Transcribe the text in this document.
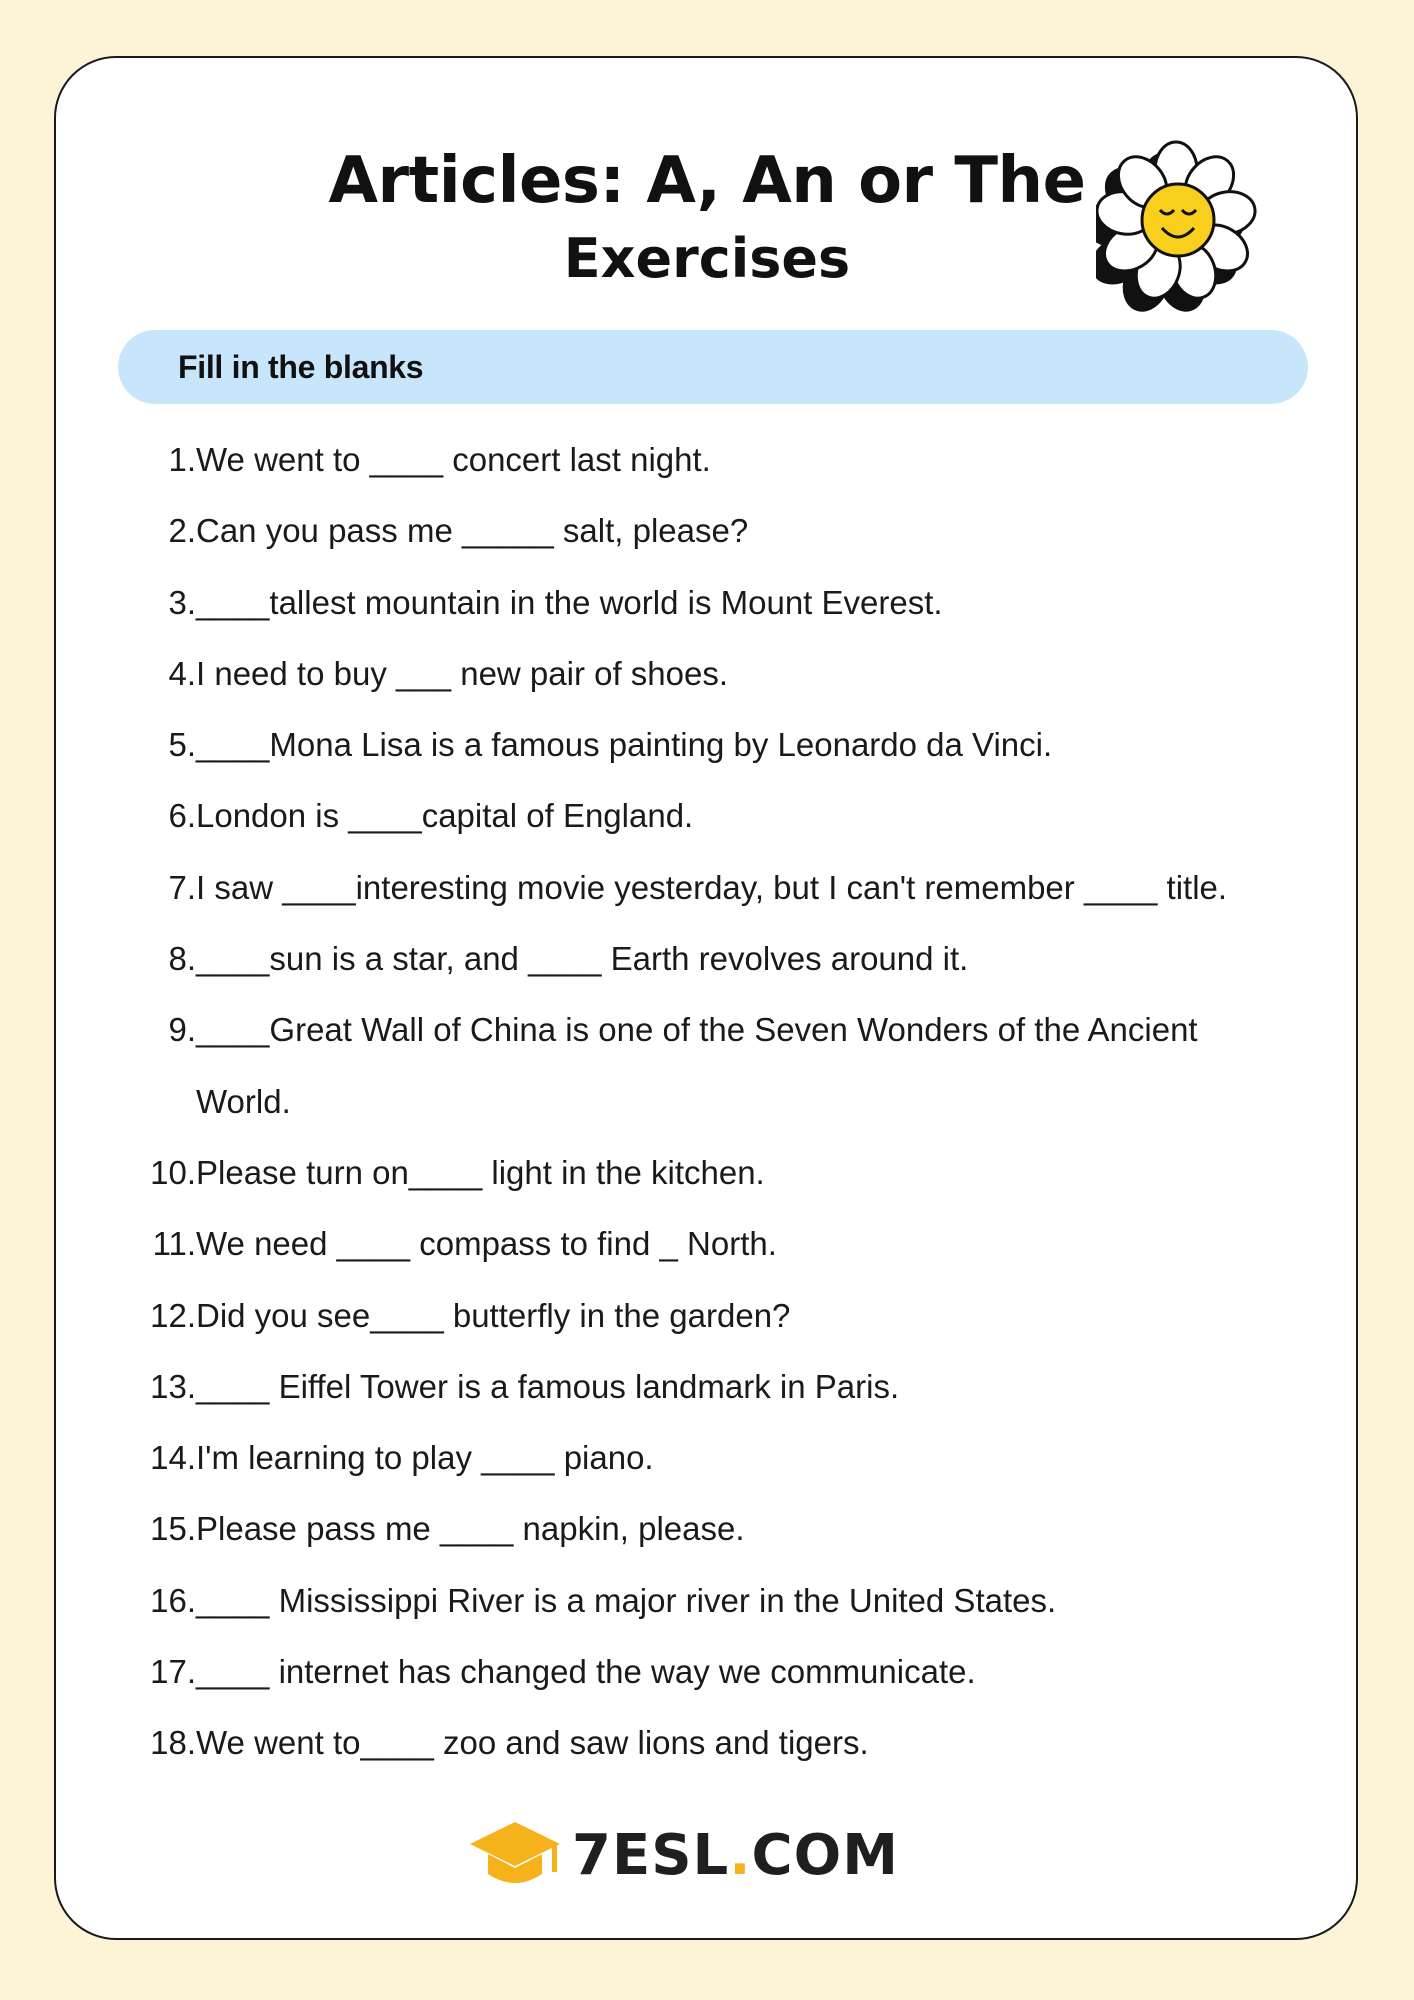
Articles: A, An or The
Exercises
Fill in the blanks
1. We went to ____ concert last night.
2. Can you pass me _____ salt, please?
3. ____tallest mountain in the world is Mount Everest.
4. I need to buy ___ new pair of shoes.
5. ____Mona Lisa is a famous painting by Leonardo da Vinci.
6. London is ____capital of England.
7. I saw ____interesting movie yesterday, but I can't remember ____ title.
8. ____sun is a star, and ____ Earth revolves around it.
9. ____Great Wall of China is one of the Seven Wonders of the Ancient World.
10. Please turn on____ light in the kitchen.
11. We need ____ compass to find _ North.
12. Did you see____ butterfly in the garden?
13. ____ Eiffel Tower is a famous landmark in Paris.
14. I'm learning to play ____ piano.
15. Please pass me ____ napkin, please.
16. ____ Mississippi River is a major river in the United States.
17. ____ internet has changed the way we communicate.
18. We went to____ zoo and saw lions and tigers.
7ESL.COM
